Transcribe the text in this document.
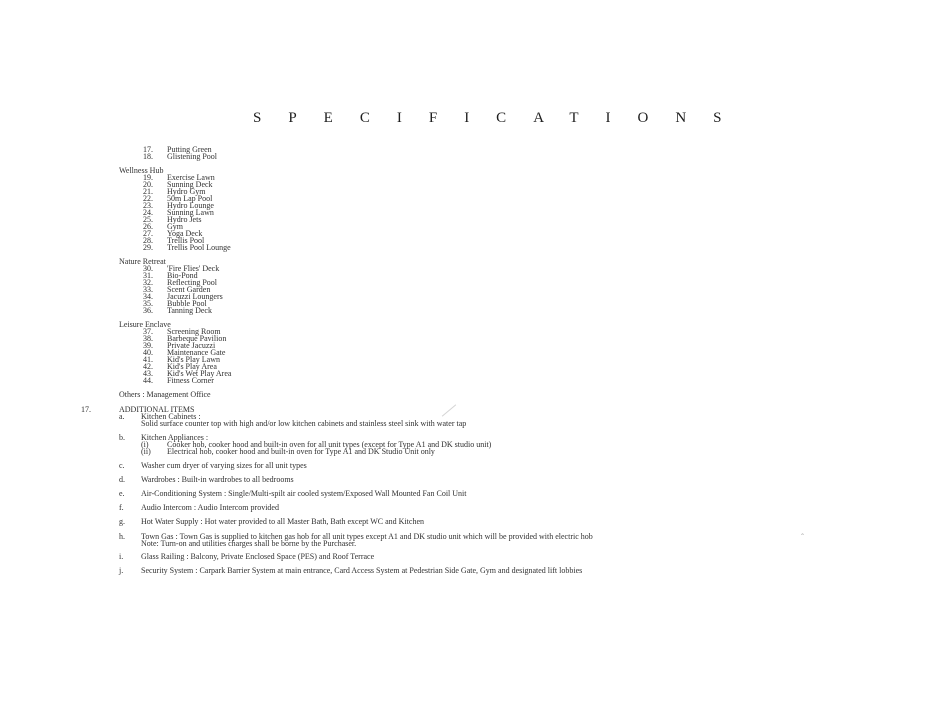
SPECIFICATIONS
17. Putting Green
18. Glistening Pool
Wellness Hub
19. Exercise Lawn
20. Sunning Deck
21. Hydro Gym
22. 50m Lap Pool
23. Hydro Lounge
24. Sunning Lawn
25. Hydro Jets
26. Gym
27. Yoga Deck
28. Trellis Pool
29. Trellis Pool Lounge
Nature Retreat
30. 'Fire Flies' Deck
31. Bio-Pond
32. Reflecting Pool
33. Scent Garden
34. Jacuzzi Loungers
35. Bubble Pool
36. Tanning Deck
Leisure Enclave
37. Screening Room
38. Barbeque Pavilion
39. Private Jacuzzi
40. Maintenance Gate
41. Kid's Play Lawn
42. Kid's Play Area
43. Kid's Wet Play Area
44. Fitness Corner
Others : Management Office
17.	ADDITIONAL ITEMS
a. Kitchen Cabinets :
Solid surface counter top with high and/or low kitchen cabinets and stainless steel sink with water tap
b. Kitchen Appliances :
(i) Cooker hob, cooker hood and built-in oven for all unit types (except for Type A1 and DK studio unit)
(ii) Electrical hob, cooker hood and built-in oven for Type A1 and DK Studio Unit only
c. Washer cum dryer of varying sizes for all unit types
d. Wardrobes : Built-in wardrobes to all bedrooms
e. Air-Conditioning System : Single/Multi-spilt air cooled system/Exposed Wall Mounted Fan Coil Unit
f. Audio Intercom : Audio Intercom provided
g. Hot Water Supply : Hot water provided to all Master Bath, Bath except WC and Kitchen
h. Town Gas : Town Gas is supplied to kitchen gas hob for all unit types except A1 and DK studio unit which will be provided with electric hob
Note: Turn-on and utilities charges shall be borne by the Purchaser.
ˆ
i. Glass Railing : Balcony, Private Enclosed Space (PES) and Roof Terrace
j. Security System : Carpark Barrier System at main entrance, Card Access System at Pedestrian Side Gate, Gym and designated lift lobbies
